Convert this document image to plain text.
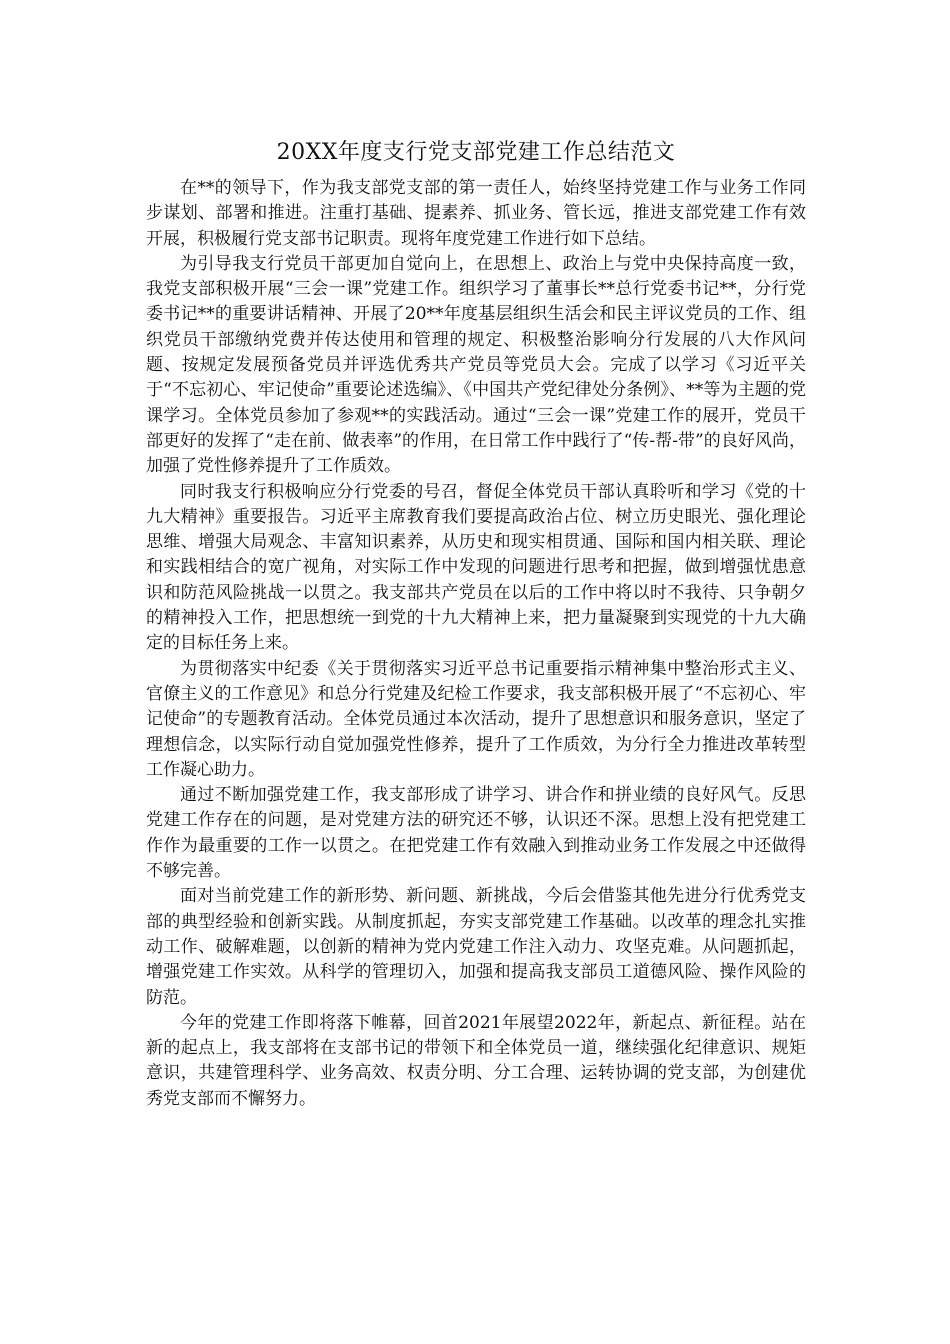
20XX年度支行党支部党建工作总结范文

在**的领导下，作为我支部党支部的第一责任人，始终坚持党建工作与业务工作同步谋划、部署和推进。注重打基础、提素养、抓业务、管长远，推进支部党建工作有效开展，积极履行党支部书记职责。现将年度党建工作进行如下总结。

为引导我支行党员干部更加自觉向上，在思想上、政治上与党中央保持高度一致，我党支部积极开展“三会一课”党建工作。组织学习了董事长**总行党委书记**，分行党委书记**的重要讲话精神、开展了20**年度基层组织生活会和民主评议党员的工作、组织党员干部缴纳党费并传达使用和管理的规定、积极整治影响分行发展的八大作风问题、按规定发展预备党员并评选优秀共产党员等党员大会。完成了以学习《习近平关于“不忘初心、牢记使命”重要论述选编》、《中国共产党纪律处分条例》、**等为主题的党课学习。全体党员参加了参观**的实践活动。通过“三会一课”党建工作的展开，党员干部更好的发挥了“走在前、做表率”的作用，在日常工作中践行了“传-帮-带”的良好风尚，加强了党性修养提升了工作质效。

同时我支行积极响应分行党委的号召，督促全体党员干部认真聆听和学习《党的十九大精神》重要报告。习近平主席教育我们要提高政治占位、树立历史眼光、强化理论思维、增强大局观念、丰富知识素养，从历史和现实相贯通、国际和国内相关联、理论和实践相结合的宽广视角，对实际工作中发现的问题进行思考和把握，做到增强忧患意识和防范风险挑战一以贯之。我支部共产党员在以后的工作中将以时不我待、只争朝夕的精神投入工作，把思想统一到党的十九大精神上来，把力量凝聚到实现党的十九大确定的目标任务上来。

为贯彻落实中纪委《关于贯彻落实习近平总书记重要指示精神集中整治形式主义、官僚主义的工作意见》和总分行党建及纪检工作要求，我支部积极开展了“不忘初心、牢记使命”的专题教育活动。全体党员通过本次活动，提升了思想意识和服务意识，坚定了理想信念，以实际行动自觉加强党性修养，提升了工作质效，为分行全力推进改革转型工作凝心助力。

通过不断加强党建工作，我支部形成了讲学习、讲合作和拼业绩的良好风气。反思党建工作存在的问题，是对党建方法的研究还不够，认识还不深。思想上没有把党建工作作为最重要的工作一以贯之。在把党建工作有效融入到推动业务工作发展之中还做得不够完善。

面对当前党建工作的新形势、新问题、新挑战，今后会借鉴其他先进分行优秀党支部的典型经验和创新实践。从制度抓起，夯实支部党建工作基础。以改革的理念扎实推动工作、破解难题，以创新的精神为党内党建工作注入动力、攻坚克难。从问题抓起，增强党建工作实效。从科学的管理切入，加强和提高我支部员工道德风险、操作风险的防范。

今年的党建工作即将落下帷幕，回首2021年展望2022年，新起点、新征程。站在新的起点上，我支部将在支部书记的带领下和全体党员一道，继续强化纪律意识、规矩意识，共建管理科学、业务高效、权责分明、分工合理、运转协调的党支部，为创建优秀党支部而不懈努力。
